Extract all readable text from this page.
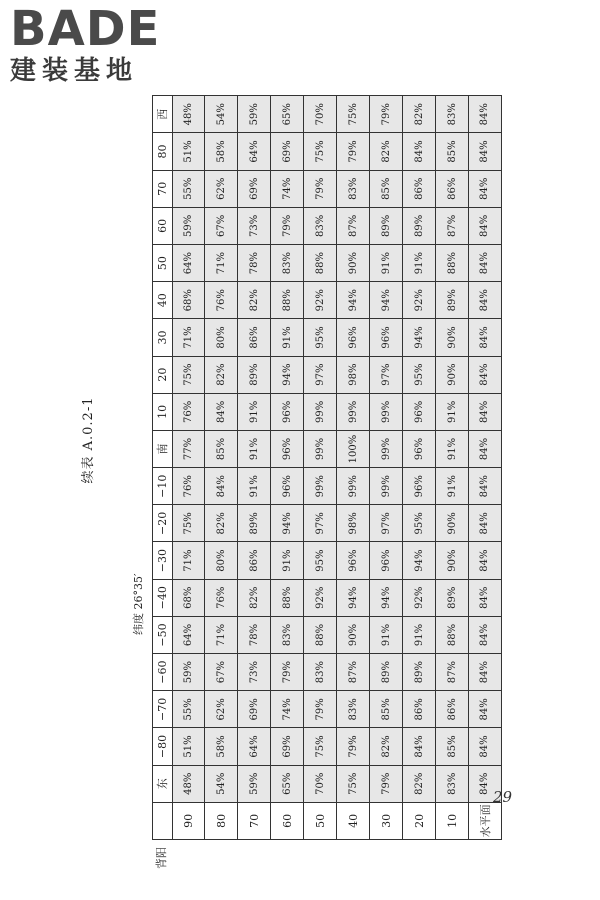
BADE
建装基地
续表 A.0.2-1
纬度 26°35′
背阳	东	−80	−70	−60	−50	−40	−30	−20	−10	南	10	20	30	40	50	60	70	80	西
90	48%	51%	55%	59%	64%	68%	71%	75%	76%	77%	76%	75%	71%	68%	64%	59%	55%	51%	48%
80	54%	58%	62%	67%	71%	76%	80%	82%	84%	85%	84%	82%	80%	76%	71%	67%	62%	58%	54%
70	59%	64%	69%	73%	78%	82%	86%	89%	91%	91%	91%	89%	86%	82%	78%	73%	69%	64%	59%
60	65%	69%	74%	79%	83%	88%	91%	94%	96%	96%	96%	94%	91%	88%	83%	79%	74%	69%	65%
50	70%	75%	79%	83%	88%	92%	95%	97%	99%	99%	99%	97%	95%	92%	88%	83%	79%	75%	70%
40	75%	79%	83%	87%	90%	94%	96%	98%	99%	100%	99%	98%	96%	94%	90%	87%	83%	79%	75%
30	79%	82%	85%	89%	91%	94%	96%	97%	99%	99%	99%	97%	96%	94%	91%	89%	85%	82%	79%
20	82%	84%	86%	89%	91%	92%	94%	95%	96%	96%	96%	95%	94%	92%	91%	89%	86%	84%	82%
10	83%	85%	86%	87%	88%	89%	90%	90%	91%	91%	91%	90%	90%	89%	88%	87%	86%	85%	83%
水平面	84%	84%	84%	84%	84%	84%	84%	84%	84%	84%	84%	84%	84%	84%	84%	84%	84%	84%	84%
29
